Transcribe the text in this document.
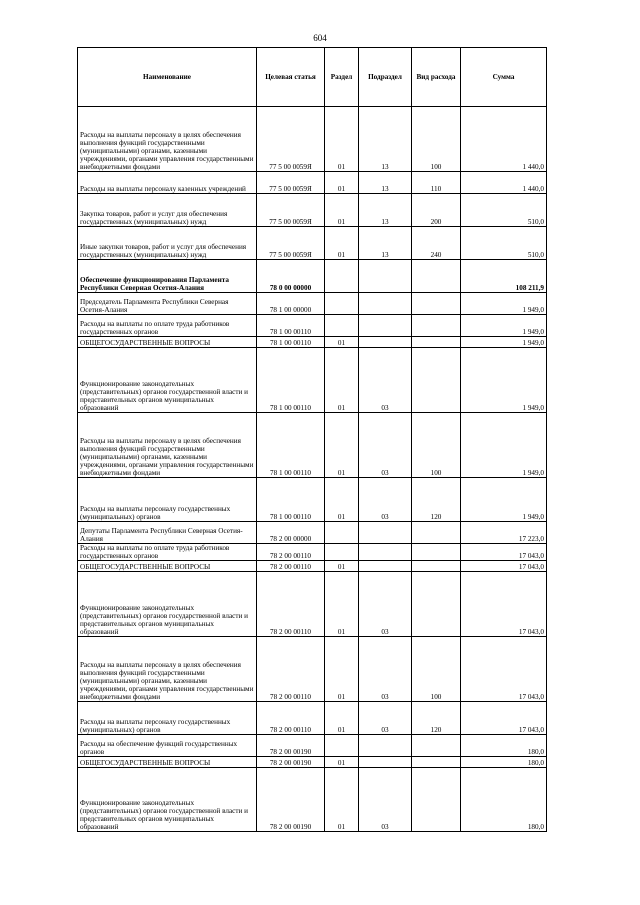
604
Наименование	Целевая статья	Раздел	Подраздел	Вид расхода	Сумма
Расходы на выплаты персоналу в целях обеспечения выполнения функций государственными (муниципальными) органами, казенными учреждениями, органами управления государственными внебюджетными фондами	77 5 00 0059Я	01	13	100	1 440,0
Расходы на выплаты персоналу казенных учреждений	77 5 00 0059Я	01	13	110	1 440,0
Закупка товаров, работ и услуг для обеспечения государственных (муниципальных) нужд	77 5 00 0059Я	01	13	200	510,0
Иные закупки товаров, работ и услуг для обеспечения государственных (муниципальных) нужд	77 5 00 0059Я	01	13	240	510,0
Обеспечение функционирования Парламента Республики Северная Осетия-Алания	78 0 00 00000				108 211,9
Председатель Парламента Республики Северная Осетия-Алания	78 1 00 00000				1 949,0
Расходы на выплаты по оплате труда работников государственных органов	78 1 00 00110				1 949,0
ОБЩЕГОСУДАРСТВЕННЫЕ ВОПРОСЫ	78 1 00 00110	01			1 949,0
Функционирование законодательных (представительных) органов государственной власти и представительных органов муниципальных образований	78 1 00 00110	01	03		1 949,0
Расходы на выплаты персоналу в целях обеспечения выполнения функций государственными (муниципальными) органами, казенными учреждениями, органами управления государственными внебюджетными фондами	78 1 00 00110	01	03	100	1 949,0
Расходы на выплаты персоналу государственных (муниципальных) органов	78 1 00 00110	01	03	120	1 949,0
Депутаты Парламента Республики Северная Осетия-Алания	78 2 00 00000				17 223,0
Расходы на выплаты по оплате труда работников государственных органов	78 2 00 00110				17 043,0
ОБЩЕГОСУДАРСТВЕННЫЕ ВОПРОСЫ	78 2 00 00110	01			17 043,0
Функционирование законодательных (представительных) органов государственной власти и представительных органов муниципальных образований	78 2 00 00110	01	03		17 043,0
Расходы на выплаты персоналу в целях обеспечения выполнения функций государственными (муниципальными) органами, казенными учреждениями, органами управления государственными внебюджетными фондами	78 2 00 00110	01	03	100	17 043,0
Расходы на выплаты персоналу государственных (муниципальных) органов	78 2 00 00110	01	03	120	17 043,0
Расходы на обеспечение функций государственных органов	78 2 00 00190				180,0
ОБЩЕГОСУДАРСТВЕННЫЕ ВОПРОСЫ	78 2 00 00190	01			180,0
Функционирование законодательных (представительных) органов государственной власти и представительных органов муниципальных образований	78 2 00 00190	01	03		180,0
